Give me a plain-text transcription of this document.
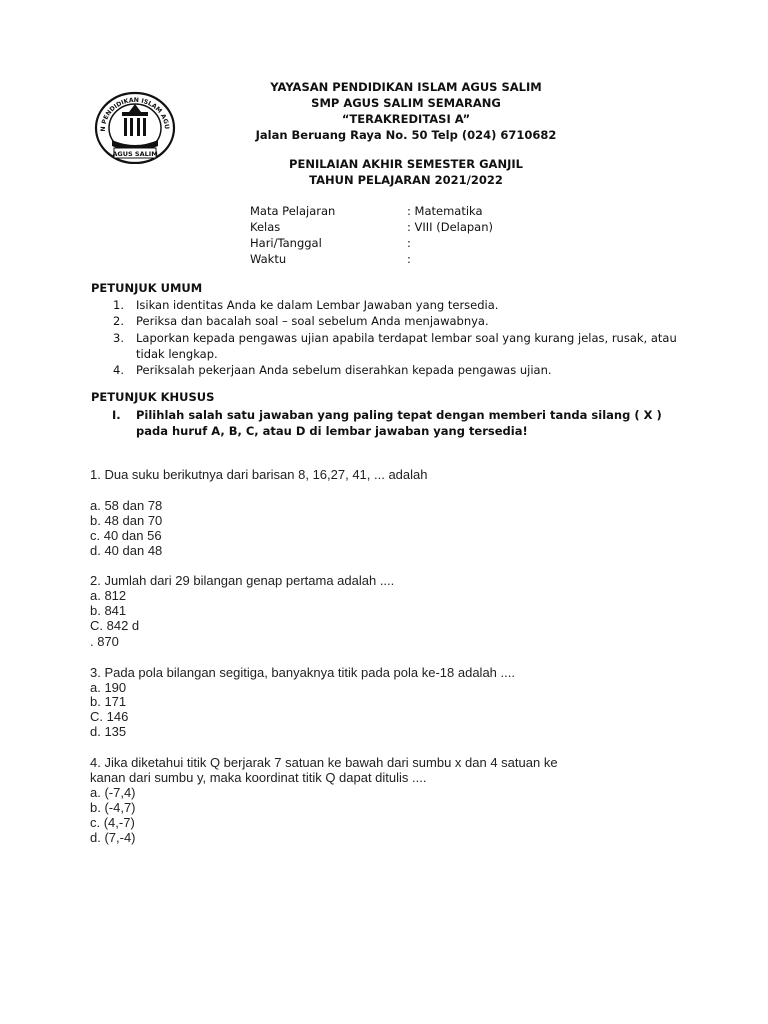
N PENDIDIKAN ISLAM AGU
AGUS SALIM
YAYASAN PENDIDIKAN ISLAM AGUS SALIM
SMP AGUS SALIM SEMARANG
“TERAKREDITASI A”
Jalan Beruang Raya No. 50 Telp (024) 6710682
PENILAIAN AKHIR SEMESTER GANJIL
TAHUN PELAJARAN 2021/2022
Mata Pelajaran	: Matematika
Kelas	: VIII (Delapan)
Hari/Tanggal	:
Waktu	:
PETUNJUK UMUM
1. Isikan identitas Anda ke dalam Lembar Jawaban yang tersedia.
2. Periksa dan bacalah soal – soal sebelum Anda menjawabnya.
3. Laporkan kepada pengawas ujian apabila terdapat lembar soal yang kurang jelas, rusak, atau tidak lengkap.
4. Periksalah pekerjaan Anda sebelum diserahkan kepada pengawas ujian.
PETUNJUK KHUSUS
I. Pilihlah salah satu jawaban yang paling tepat dengan memberi tanda silang ( X ) pada huruf A, B, C, atau D di lembar jawaban yang tersedia!
1. Dua suku berikutnya dari barisan 8, 16,27, 41, ... adalah
a. 58 dan 78
b. 48 dan 70
c. 40 dan 56
d. 40 dan 48
2. Jumlah dari 29 bilangan genap pertama adalah ....
a. 812
b. 841
C. 842 d
. 870
3. Pada pola bilangan segitiga, banyaknya titik pada pola ke-18 adalah ....
a. 190
b. 171
C. 146
d. 135
4. Jika diketahui titik Q berjarak 7 satuan ke bawah dari sumbu x dan 4 satuan ke
kanan dari sumbu y, maka koordinat titik Q dapat ditulis ....
a. (-7,4)
b. (-4,7)
c. (4,-7)
d. (7,-4)
